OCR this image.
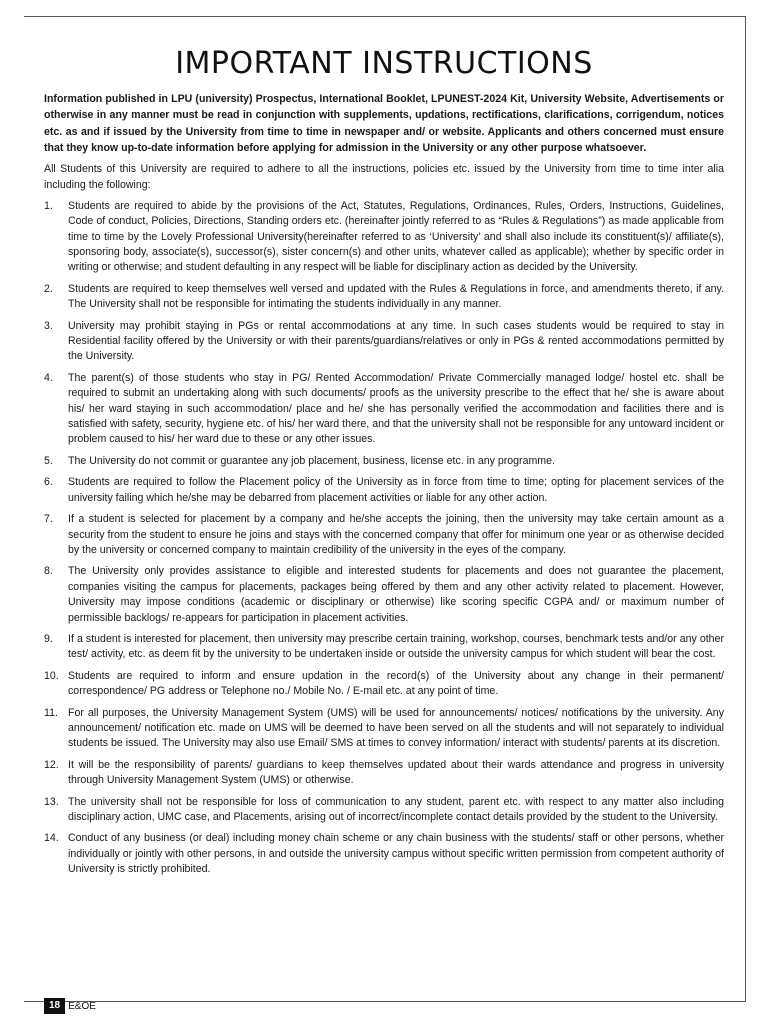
IMPORTANT INSTRUCTIONS

Information published in LPU (university) Prospectus, International Booklet, LPUNEST-2024 Kit, University Website, Advertisements or otherwise in any manner must be read in conjunction with supplements, updations, rectifications, clarifications, corrigendum, notices etc. as and if issued by the University from time to time in newspaper and/ or website. Applicants and others concerned must ensure that they know up-to-date information before applying for admission in the University or any other purpose whatsoever.

All Students of this University are required to adhere to all the instructions, policies etc. issued by the University from time to time inter alia including the following:

1.	Students are required to abide by the provisions of the Act, Statutes, Regulations, Ordinances, Rules, Orders, Instructions, Guidelines, Code of conduct, Policies, Directions, Standing orders etc. (hereinafter jointly referred to as “Rules & Regulations”) as made applicable from time to time by the Lovely Professional University(hereinafter referred to as ‘University’ and shall also include its constituent(s)/ affiliate(s), sponsoring body, associate(s), successor(s), sister concern(s) and other units, whatever called as applicable); whether by specific order in writing or otherwise; and student defaulting in any respect will be liable for disciplinary action as decided by the University.
2.	Students are required to keep themselves well versed and updated with the Rules & Regulations in force, and amendments thereto, if any. The University shall not be responsible for intimating the students individually in any manner.
3.	University may prohibit staying in PGs or rental accommodations at any time. In such cases students would be required to stay in Residential facility offered by the University or with their parents/guardians/relatives or only in PGs & rented accommodations permitted by the University.
4.	The parent(s) of those students who stay in PG/ Rented Accommodation/ Private Commercially managed lodge/ hostel etc. shall be required to submit an undertaking along with such documents/ proofs as the university prescribe to the effect that he/ she is aware about his/ her ward staying in such accommodation/ place and he/ she has personally verified the accommodation and facilities there and is satisfied with safety, security, hygiene etc. of his/ her ward there, and that the university shall not be responsible for any untoward incident or problem caused to his/ her ward due to these or any other issues.
5.	The University do not commit or guarantee any job placement, business, license etc. in any programme.
6.	Students are required to follow the Placement policy of the University as in force from time to time; opting for placement services of the university failing which he/she may be debarred from placement activities or liable for any other action.
7.	If a student is selected for placement by a company and he/she accepts the joining, then the university may take certain amount as a security from the student to ensure he joins and stays with the concerned company that offer for minimum one year or as otherwise decided by the university or concerned company to maintain credibility of the university in the eyes of the company.
8.	The University only provides assistance to eligible and interested students for placements and does not guarantee the placement, companies visiting the campus for placements, packages being offered by them and any other activity related to placement. However, University may impose conditions (academic or disciplinary or otherwise) like scoring specific CGPA and/ or maximum number of permissible backlogs/ re-appears for participation in placement activities.
9.	If a student is interested for placement, then university may prescribe certain training, workshop, courses, benchmark tests and/or any other test/ activity, etc. as deem fit by the university to be undertaken inside or outside the university campus for which student will bear the cost.
10. Students are required to inform and ensure updation in the record(s) of the University about any change in their permanent/ correspondence/ PG address or Telephone no./ Mobile No. / E-mail etc. at any point of time.
11. For all purposes, the University Management System (UMS) will be used for announcements/ notices/ notifications by the university. Any announcement/ notification etc. made on UMS will be deemed to have been served on all the students and will not separately to individual students be issued. The University may also use Email/ SMS at times to convey information/ interact with students/ parents at its discretion.
12. It will be the responsibility of parents/ guardians to keep themselves updated about their wards attendance and progress in university through University Management System (UMS) or otherwise.
13. The university shall not be responsible for loss of communication to any student, parent etc. with respect to any matter also including disciplinary action, UMC case, and Placements, arising out of incorrect/incomplete contact details provided by the student to the University.
14. Conduct of any business (or deal) including money chain scheme or any chain business with the students/ staff or other persons, whether individually or jointly with other persons, in and outside the university campus without specific written permission from competent authority of University is strictly prohibited.
18 E&OE
